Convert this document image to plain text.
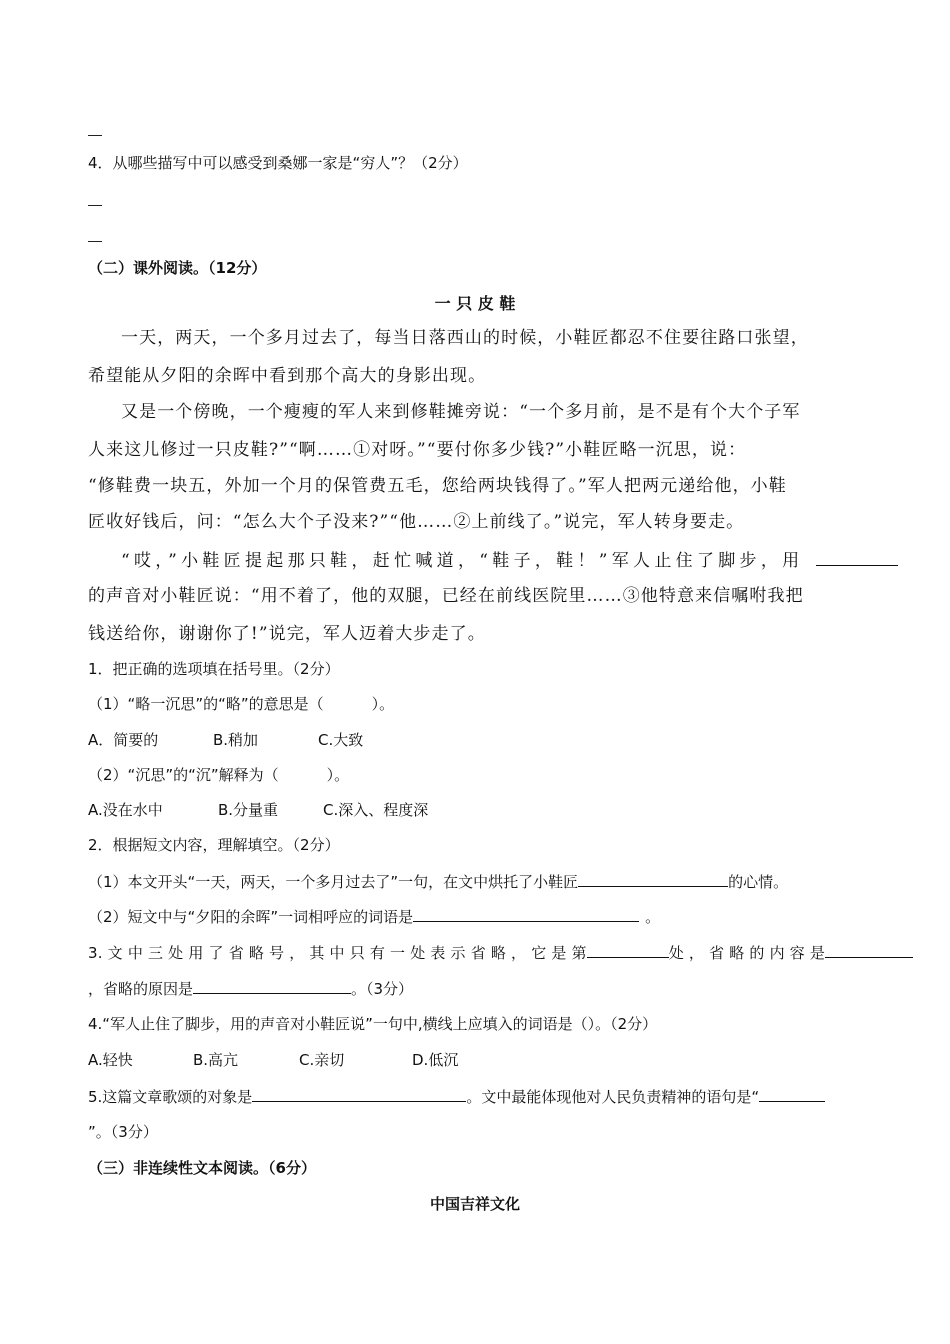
4．从哪些描写中可以感受到桑娜一家是“穷人”？（2分）
（二）课外阅读。（12分）
一 只 皮 鞋
一天，两天，一个多月过去了，每当日落西山的时候，小鞋匠都忍不住要往路口张望，
希望能从夕阳的余晖中看到那个高大的身影出现。
又是一个傍晚，一个瘦瘦的军人来到修鞋摊旁说：“一个多月前，是不是有个大个子军
人来这儿修过一只皮鞋?”“啊……①对呀。”“要付你多少钱?”小鞋匠略一沉思，说：
“修鞋费一块五，外加一个月的保管费五毛，您给两块钱得了。”军人把两元递给他，小鞋
匠收好钱后，问：“怎么大个子没来?”“他……②上前线了。”说完，军人转身要走。
“哎，”小鞋匠提起那只鞋，赶忙喊道，“鞋子，鞋！”军人止住了脚步，用
的声音对小鞋匠说：“用不着了，他的双腿，已经在前线医院里……③他特意来信嘱咐我把
钱送给你，谢谢你了!”说完，军人迈着大步走了。
1．把正确的选项填在括号里。（2分）
（1）“略一沉思”的“略”的意思是（	）。
A．简要的	B.稍加	C.大致
（2）“沉思”的“沉”解释为（	）。
A.没在水中	B.分量重	C.深入、程度深
2．根据短文内容，理解填空。（2分）
（1）本文开头“一天，两天，一个多月过去了”一句，在文中烘托了小鞋匠	的心情。
（2）短文中与“夕阳的余晖”一词相呼应的词语是	。
3. 文 中 三 处 用 了 省 略 号 ， 其 中 只 有 一 处 表 示 省 略 ， 它 是 第	处 ， 省 略 的 内 容 是
，省略的原因是	。（3分）
4.“军人止住了脚步，用的声音对小鞋匠说”一句中,横线上应填入的词语是（）。（2分）
A.轻快	B.高亢	C.亲切	D.低沉
5.这篇文章歌颂的对象是	。文中最能体现他对人民负责精神的语句是“
”。（3分）
（三）非连续性文本阅读。（6分）
中国吉祥文化
